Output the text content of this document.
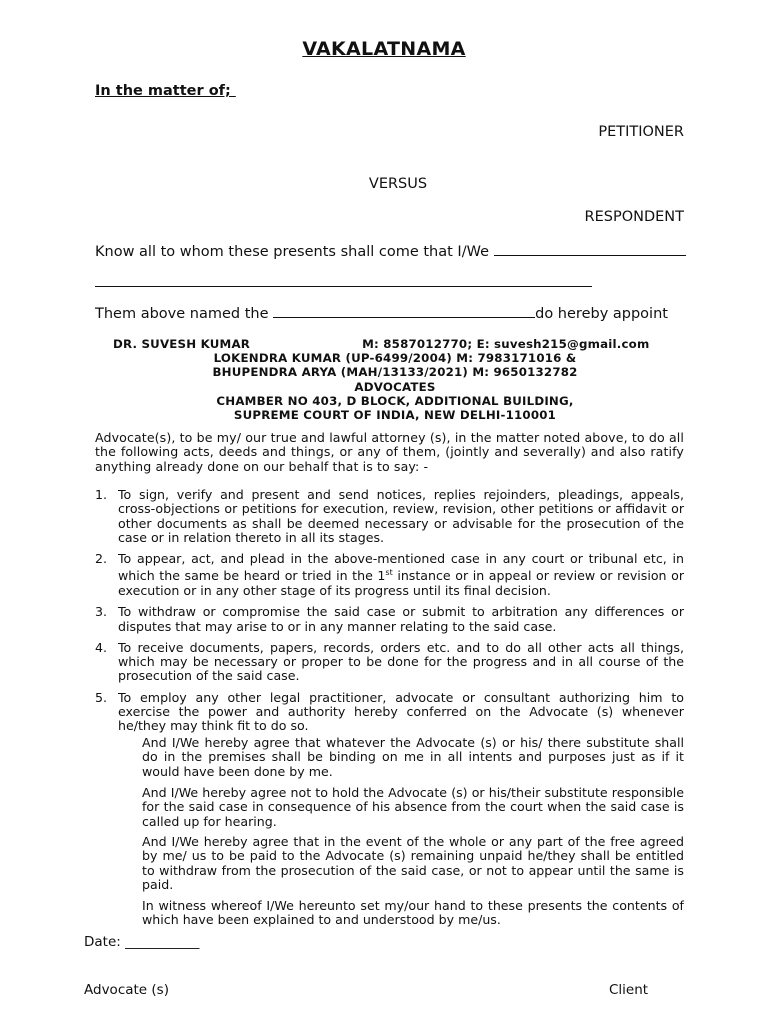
VAKALATNAMA
In the matter of;
PETITIONER
VERSUS
RESPONDENT
Know all to whom these presents shall come that I/We
Them above named the	do hereby appoint
DR. SUVESH KUMAR	M: 8587012770; E: suvesh215@gmail.com
LOKENDRA KUMAR (UP-6499/2004) M: 7983171016 &
BHUPENDRA ARYA (MAH/13133/2021) M: 9650132782
ADVOCATES
CHAMBER NO 403, D BLOCK, ADDITIONAL BUILDING,
SUPREME COURT OF INDIA, NEW DELHI-110001
Advocate(s), to be my/ our true and lawful attorney (s), in the matter noted above, to do all the following acts, deeds and things, or any of them, (jointly and severally) and also ratify anything already done on our behalf that is to say: -
1. To sign, verify and present and send notices, replies rejoinders, pleadings, appeals, cross-objections or petitions for execution, review, revision, other petitions or affidavit or other documents as shall be deemed necessary or advisable for the prosecution of the case or in relation thereto in all its stages.
2. To appear, act, and plead in the above-mentioned case in any court or tribunal etc, in which the same be heard or tried in the 1st instance or in appeal or review or revision or execution or in any other stage of its progress until its final decision.
3. To withdraw or compromise the said case or submit to arbitration any differences or disputes that may arise to or in any manner relating to the said case.
4. To receive documents, papers, records, orders etc. and to do all other acts all things, which may be necessary or proper to be done for the progress and in all course of the prosecution of the said case.
5. To employ any other legal practitioner, advocate or consultant authorizing him to exercise the power and authority hereby conferred on the Advocate (s) whenever he/they may think fit to do so.
And I/We hereby agree that whatever the Advocate (s) or his/ there substitute shall do in the premises shall be binding on me in all intents and purposes just as if it would have been done by me.
And I/We hereby agree not to hold the Advocate (s) or his/their substitute responsible for the said case in consequence of his absence from the court when the said case is called up for hearing.
And I/We hereby agree that in the event of the whole or any part of the free agreed by me/ us to be paid to the Advocate (s) remaining unpaid he/they shall be entitled to withdraw from the prosecution of the said case, or not to appear until the same is paid.
In witness whereof I/We hereunto set my/our hand to these presents the contents of which have been explained to and understood by me/us.
Date: ___________
Advocate (s)	Client
